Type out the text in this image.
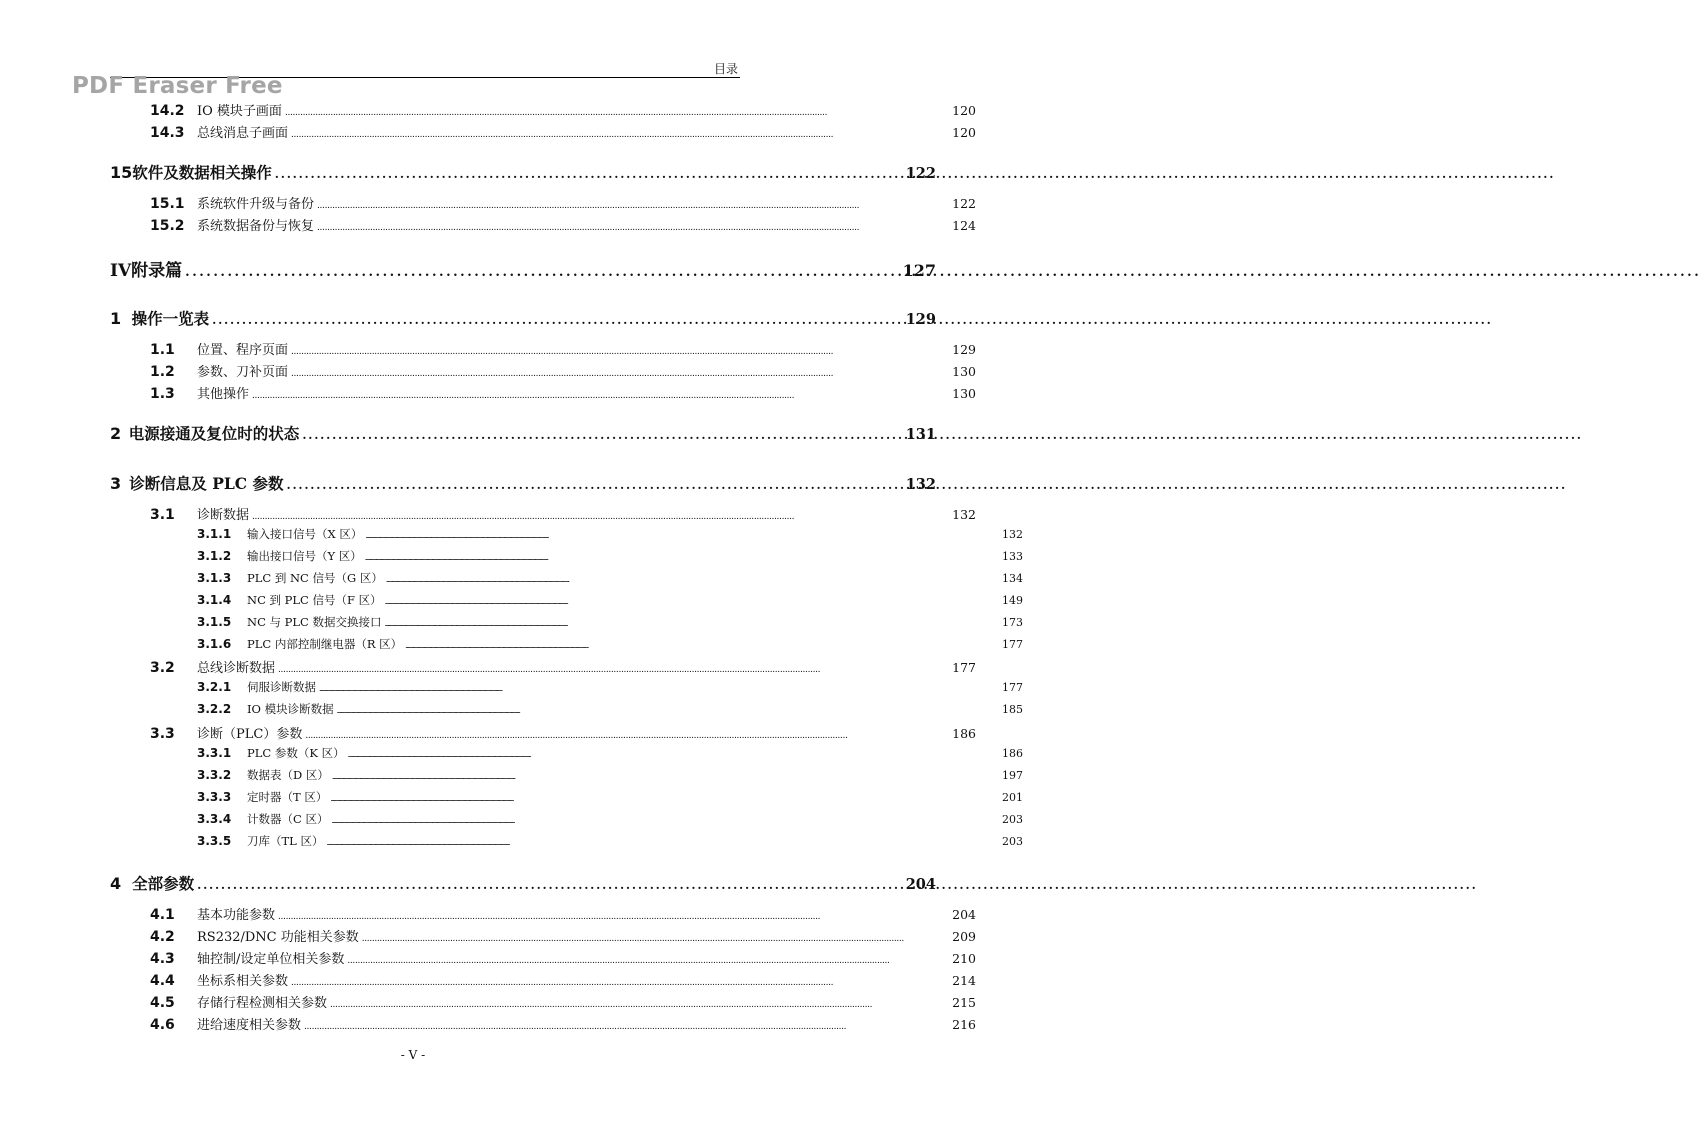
目录
PDF Eraser Free
14.2 IO 模块子画面 . . .	120
14.3 总线消息子画面 . . .	120
15 软件及数据相关操作 . . .	122
15.1 系统软件升级与备份 . . .	122
15.2 系统数据备份与恢复 . . .	124
IV 附录篇 . . .	127
1 操作一览表 . . .	129
1.1	位置、程序页面 . . .	129
1.2	参数、刀补页面 . . .	130
1.3	其他操作 . . .	130
2 电源接通及复位时的状态 . . .	131
3 诊断信息及 PLC 参数 . . .	132
3.1	诊断数据 . . .	132
3.1.1	输入接口信号（X 区） . . .	132
3.1.2	输出接口信号（Y 区） . . .	133
3.1.3	PLC 到 NC 信号（G 区） . . .	134
3.1.4	NC 到 PLC 信号（F 区） . . .	149
3.1.5	NC 与 PLC 数据交换接口 . . .	173
3.1.6	PLC 内部控制继电器（R 区） . . .	177
3.2	总线诊断数据 . . .	177
3.2.1	伺服诊断数据 . . .	177
3.2.2	IO 模块诊断数据 . . .	185
3.3	诊断（PLC）参数 . . .	186
3.3.1	PLC 参数（K 区） . . .	186
3.3.2	数据表（D 区） . . .	197
3.3.3	定时器（T 区） . . .	201
3.3.4	计数器（C 区） . . .	203
3.3.5	刀库（TL 区） . . .	203
4 全部参数 . . .	204
4.1	基本功能参数 . . .	204
4.2	RS232/DNC 功能相关参数 . . .	209
4.3	轴控制/设定单位相关参数 . . .	210
4.4	坐标系相关参数 . . .	214
4.5	存储行程检测相关参数 . . .	215
4.6	进给速度相关参数 . . .	216
- V -
